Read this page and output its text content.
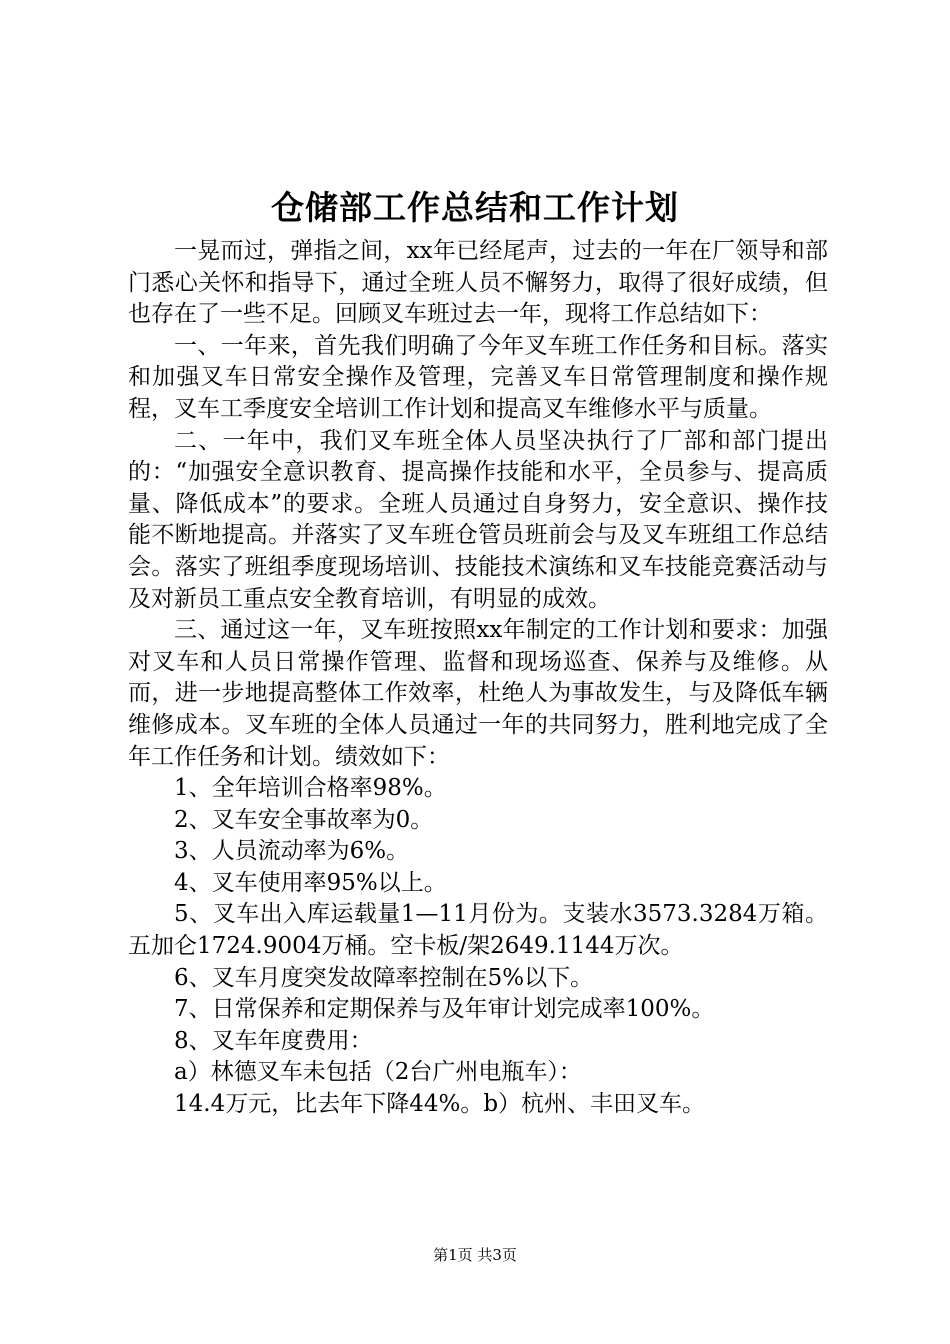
仓储部工作总结和工作计划

一晃而过，弹指之间，xx年已经尾声，过去的一年在厂领导和部门悉心关怀和指导下，通过全班人员不懈努力，取得了很好成绩，但也存在了一些不足。回顾叉车班过去一年，现将工作总结如下：

一、一年来，首先我们明确了今年叉车班工作任务和目标。落实和加强叉车日常安全操作及管理，完善叉车日常管理制度和操作规程，叉车工季度安全培训工作计划和提高叉车维修水平与质量。

二、一年中，我们叉车班全体人员坚决执行了厂部和部门提出的：“加强安全意识教育、提高操作技能和水平，全员参与、提高质量、降低成本”的要求。全班人员通过自身努力，安全意识、操作技能不断地提高。并落实了叉车班仓管员班前会与及叉车班组工作总结会。落实了班组季度现场培训、技能技术演练和叉车技能竞赛活动与及对新员工重点安全教育培训，有明显的成效。

三、通过这一年，叉车班按照xx年制定的工作计划和要求：加强对叉车和人员日常操作管理、监督和现场巡查、保养与及维修。从而，进一步地提高整体工作效率，杜绝人为事故发生，与及降低车辆维修成本。叉车班的全体人员通过一年的共同努力，胜利地完成了全年工作任务和计划。绩效如下：

1、全年培训合格率98%。

2、叉车安全事故率为0。

3、人员流动率为6%。

4、叉车使用率95%以上。

5、叉车出入库运载量1—11月份为。支装水3573.3284万箱。五加仑1724.9004万桶。空卡板/架2649.1144万次。

6、叉车月度突发故障率控制在5%以下。

7、日常保养和定期保养与及年审计划完成率100%。

8、叉车年度费用：

a）林德叉车未包括（2台广州电瓶车）：

14.4万元，比去年下降44%。b）杭州、丰田叉车。

第1页 共3页
